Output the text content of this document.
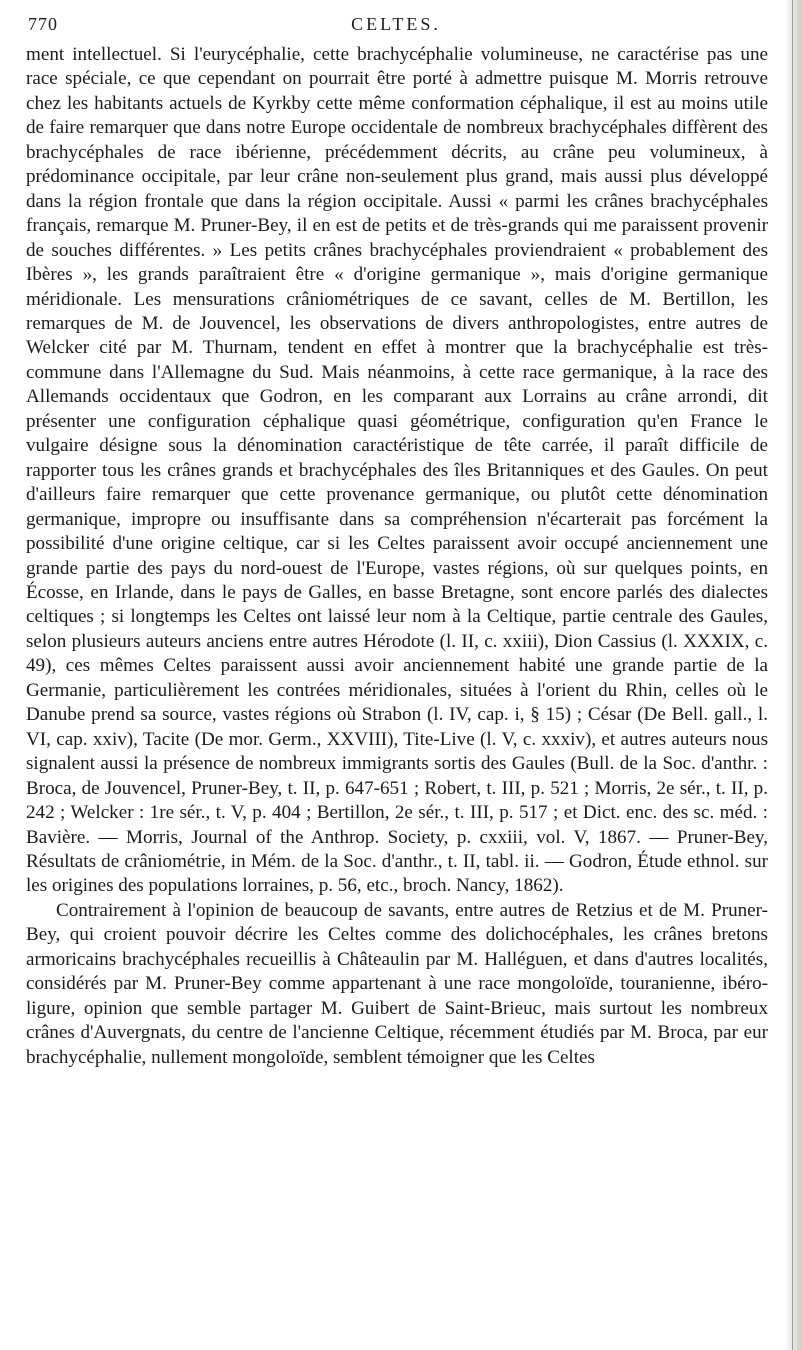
770	CELTES.

ment intellectuel. Si l'eurycéphalie, cette brachycéphalie volumineuse, ne caractérise pas une race spéciale, ce que cependant on pourrait être porté à admettre puisque M. Morris retrouve chez les habitants actuels de Kyrkby cette même conformation céphalique, il est au moins utile de faire remarquer que dans notre Europe occidentale de nombreux brachycéphales diffèrent des brachycéphales de race ibérienne, précédemment décrits, au crâne peu volumineux, à prédominance occipitale, par leur crâne non-seulement plus grand, mais aussi plus développé dans la région frontale que dans la région occipitale. Aussi « parmi les crânes brachycéphales français, remarque M. Pruner-Bey, il en est de petits et de très-grands qui me paraissent provenir de souches différentes. » Les petits crânes brachycéphales proviendraient « probablement des Ibères », les grands paraîtraient être « d'origine germanique », mais d'origine germanique méridionale. Les mensurations crâniométriques de ce savant, celles de M. Bertillon, les remarques de M. de Jouvencel, les observations de divers anthropologistes, entre autres de Welcker cité par M. Thurnam, tendent en effet à montrer que la brachycéphalie est très-commune dans l'Allemagne du Sud. Mais néanmoins, à cette race germanique, à la race des Allemands occidentaux que Godron, en les comparant aux Lorrains au crâne arrondi, dit présenter une configuration céphalique quasi géométrique, configuration qu'en France le vulgaire désigne sous la dénomination caractéristique de tête carrée, il paraît difficile de rapporter tous les crânes grands et brachycéphales des îles Britanniques et des Gaules. On peut d'ailleurs faire remarquer que cette provenance germanique, ou plutôt cette dénomination germanique, impropre ou insuffisante dans sa compréhension n'écarterait pas forcément la possibilité d'une origine celtique, car si les Celtes paraissent avoir occupé anciennement une grande partie des pays du nord-ouest de l'Europe, vastes régions, où sur quelques points, en Écosse, en Irlande, dans le pays de Galles, en basse Bretagne, sont encore parlés des dialectes celtiques ; si longtemps les Celtes ont laissé leur nom à la Celtique, partie centrale des Gaules, selon plusieurs auteurs anciens entre autres Hérodote (l. II, c. xxiii), Dion Cassius (l. XXXIX, c. 49), ces mêmes Celtes paraissent aussi avoir anciennement habité une grande partie de la Germanie, particulièrement les contrées méridionales, situées à l'orient du Rhin, celles où le Danube prend sa source, vastes régions où Strabon (l. IV, cap. i, § 15) ; César (De Bell. gall., l. VI, cap. xxiv), Tacite (De mor. Germ., XXVIII), Tite-Live (l. V, c. xxxiv), et autres auteurs nous signalent aussi la présence de nombreux immigrants sortis des Gaules (Bull. de la Soc. d'anthr. : Broca, de Jouvencel, Pruner-Bey, t. II, p. 647-651 ; Robert, t. III, p. 521 ; Morris, 2e sér., t. II, p. 242 ; Welcker : 1re sér., t. V, p. 404 ; Bertillon, 2e sér., t. III, p. 517 ; et Dict. enc. des sc. méd. : Bavière. — Morris, Journal of the Anthrop. Society, p. cxxiii, vol. V, 1867. — Pruner-Bey, Résultats de crâniométrie, in Mém. de la Soc. d'anthr., t. II, tabl. ii. — Godron, Étude ethnol. sur les origines des populations lorraines, p. 56, etc., broch. Nancy, 1862).

Contrairement à l'opinion de beaucoup de savants, entre autres de Retzius et de M. Pruner-Bey, qui croient pouvoir décrire les Celtes comme des dolichocéphales, les crânes bretons armoricains brachycéphales recueillis à Châteaulin par M. Halléguen, et dans d'autres localités, considérés par M. Pruner-Bey comme appartenant à une race mongoloïde, touranienne, ibéro-ligure, opinion que semble partager M. Guibert de Saint-Brieuc, mais surtout les nombreux crânes d'Auvergnats, du centre de l'ancienne Celtique, récemment étudiés par M. Broca, par eur brachycéphalie, nullement mongoloïde, semblent témoigner que les Celtes
